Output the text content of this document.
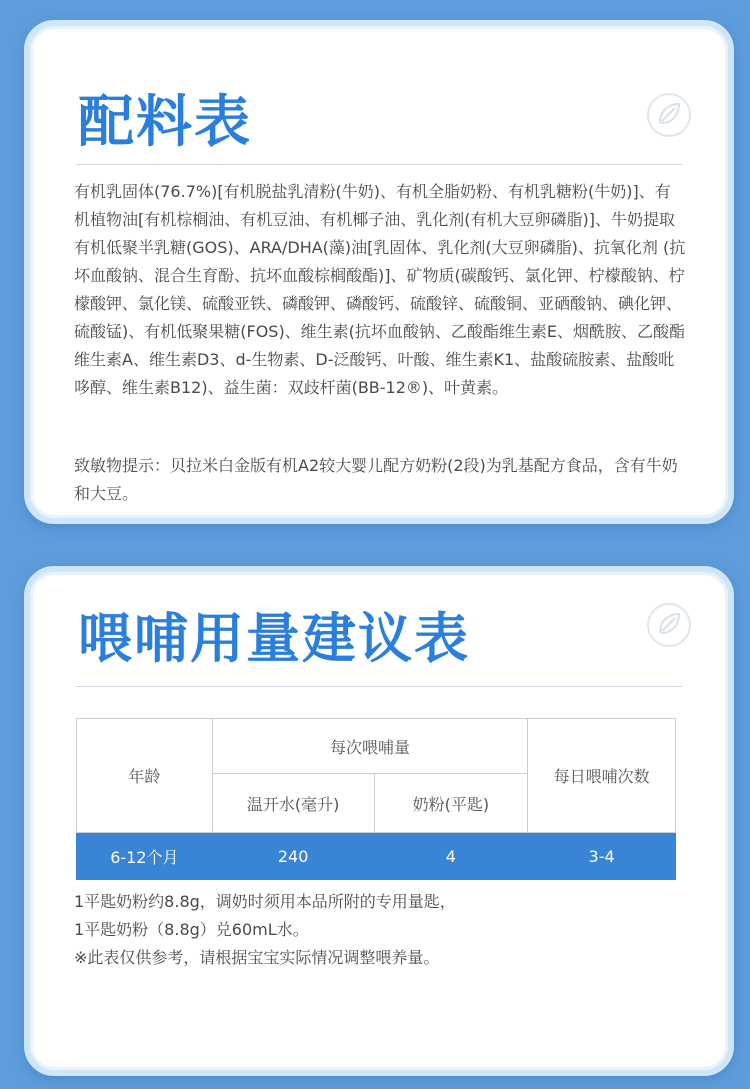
配料表
有机乳固体(76.7%)[有机脱盐乳清粉(牛奶)、有机全脂奶粉、有机乳糖粉(牛奶)]、有机植物油[有机棕榈油、有机豆油、有机椰子油、乳化剂(有机大豆卵磷脂)]、牛奶提取有机低聚半乳糖(GOS)、ARA/DHA(藻)油[乳固体、乳化剂(大豆卵磷脂)、抗氧化剂 (抗坏血酸钠、混合生育酚、抗坏血酸棕榈酸酯)]、矿物质(碳酸钙、氯化钾、柠檬酸钠、柠檬酸钾、氯化镁、硫酸亚铁、磷酸钾、磷酸钙、硫酸锌、硫酸铜、亚硒酸钠、碘化钾、硫酸锰)、有机低聚果糖(FOS)、维生素(抗坏血酸钠、乙酸酯维生素E、烟酰胺、乙酸酯维生素A、维生素D3、d-生物素、D-泛酸钙、叶酸、维生素K1、盐酸硫胺素、盐酸吡哆醇、维生素B12)、益生菌：双歧杆菌(BB-12®)、叶黄素。
致敏物提示：贝拉米白金版有机A2较大婴儿配方奶粉(2段)为乳基配方食品，含有牛奶和大豆。
喂哺用量建议表
年龄	每次喂哺量		每日喂哺次数
	温开水(毫升)	奶粉(平匙)	
6-12个月	240	4	3-4
1平匙奶粉约8.8g，调奶时须用本品所附的专用量匙，
1平匙奶粉（8.8g）兑60mL水。
※此表仅供参考，请根据宝宝实际情况调整喂养量。
